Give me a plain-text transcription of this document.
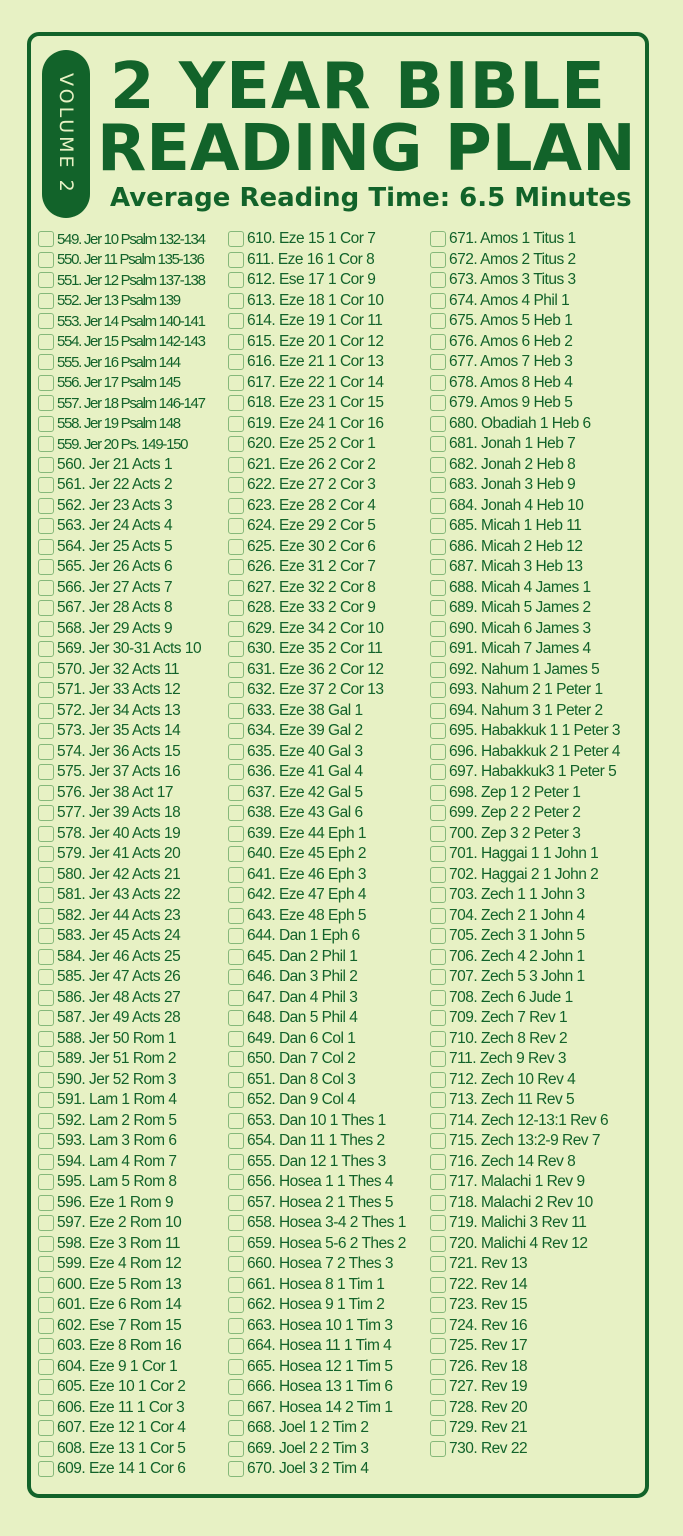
VOLUME 2 2 YEAR BIBLE
READING PLAN
Average Reading Time: 6.5 Minutes
549. Jer 10 Psalm 132-134
550. Jer 11 Psalm 135-136
551. Jer 12 Psalm 137-138
552. Jer 13 Psalm 139
553. Jer 14 Psalm 140-141
554. Jer 15 Psalm 142-143
555. Jer 16 Psalm 144
556. Jer 17 Psalm 145
557. Jer 18 Psalm 146-147
558. Jer 19 Psalm 148
559. Jer 20 Ps. 149-150
560. Jer 21 Acts 1
561. Jer 22 Acts 2
562. Jer 23 Acts 3
563. Jer 24 Acts 4
564. Jer 25 Acts 5
565. Jer 26 Acts 6
566. Jer 27 Acts 7
567. Jer 28 Acts 8
568. Jer 29 Acts 9
569. Jer 30-31 Acts 10
570. Jer 32 Acts 11
571. Jer 33 Acts 12
572. Jer 34 Acts 13
573. Jer 35 Acts 14
574. Jer 36 Acts 15
575. Jer 37 Acts 16
576. Jer 38 Act 17
577. Jer 39 Acts 18
578. Jer 40 Acts 19
579. Jer 41 Acts 20
580. Jer 42 Acts 21
581. Jer 43 Acts 22
582. Jer 44 Acts 23
583. Jer 45 Acts 24
584. Jer 46 Acts 25
585. Jer 47 Acts 26
586. Jer 48 Acts 27
587. Jer 49 Acts 28
588. Jer 50 Rom 1
589. Jer 51 Rom 2
590. Jer 52 Rom 3
591. Lam 1 Rom 4
592. Lam 2 Rom 5
593. Lam 3 Rom 6
594. Lam 4 Rom 7
595. Lam 5 Rom 8
596. Eze 1 Rom 9
597. Eze 2 Rom 10
598. Eze 3 Rom 11
599. Eze 4 Rom 12
600. Eze 5 Rom 13
601. Eze 6 Rom 14
602. Ese 7 Rom 15
603. Eze 8 Rom 16
604. Eze 9 1 Cor 1
605. Eze 10 1 Cor 2
606. Eze 11 1 Cor 3
607. Eze 12 1 Cor 4
608. Eze 13 1 Cor 5
609. Eze 14 1 Cor 6
610. Eze 15 1 Cor 7
611. Eze 16 1 Cor 8
612. Ese 17 1 Cor 9
613. Eze 18 1 Cor 10
614. Eze 19 1 Cor 11
615. Eze 20 1 Cor 12
616. Eze 21 1 Cor 13
617. Eze 22 1 Cor 14
618. Eze 23 1 Cor 15
619. Eze 24 1 Cor 16
620. Eze 25 2 Cor 1
621. Eze 26 2 Cor 2
622. Eze 27 2 Cor 3
623. Eze 28 2 Cor 4
624. Eze 29 2 Cor 5
625. Eze 30 2 Cor 6
626. Eze 31 2 Cor 7
627. Eze 32 2 Cor 8
628. Eze 33 2 Cor 9
629. Eze 34 2 Cor 10
630. Eze 35 2 Cor 11
631. Eze 36 2 Cor 12
632. Eze 37 2 Cor 13
633. Eze 38 Gal 1
634. Eze 39 Gal 2
635. Eze 40 Gal 3
636. Eze 41 Gal 4
637. Eze 42 Gal 5
638. Eze 43 Gal 6
639. Eze 44 Eph 1
640. Eze 45 Eph 2
641. Eze 46 Eph 3
642. Eze 47 Eph 4
643. Eze 48 Eph 5
644. Dan 1 Eph 6
645. Dan 2 Phil 1
646. Dan 3 Phil 2
647. Dan 4 Phil 3
648. Dan 5 Phil 4
649. Dan 6 Col 1
650. Dan 7 Col 2
651. Dan 8 Col 3
652. Dan 9 Col 4
653. Dan 10 1 Thes 1
654. Dan 11 1 Thes 2
655. Dan 12 1 Thes 3
656. Hosea 1 1 Thes 4
657. Hosea 2 1 Thes 5
658. Hosea 3-4 2 Thes 1
659. Hosea 5-6 2 Thes 2
660. Hosea 7 2 Thes 3
661. Hosea 8 1 Tim 1
662. Hosea 9 1 Tim 2
663. Hosea 10 1 Tim 3
664. Hosea 11 1 Tim 4
665. Hosea 12 1 Tim 5
666. Hosea 13 1 Tim 6
667. Hosea 14 2 Tim 1
668. Joel 1 2 Tim 2
669. Joel 2 2 Tim 3
670. Joel 3 2 Tim 4
671. Amos 1 Titus 1
672. Amos 2 Titus 2
673. Amos 3 Titus 3
674. Amos 4 Phil 1
675. Amos 5 Heb 1
676. Amos 6 Heb 2
677. Amos 7 Heb 3
678. Amos 8 Heb 4
679. Amos 9 Heb 5
680. Obadiah 1 Heb 6
681. Jonah 1 Heb 7
682. Jonah 2 Heb 8
683. Jonah 3 Heb 9
684. Jonah 4 Heb 10
685. Micah 1 Heb 11
686. Micah 2 Heb 12
687. Micah 3 Heb 13
688. Micah 4 James 1
689. Micah 5 James 2
690. Micah 6 James 3
691. Micah 7 James 4
692. Nahum 1 James 5
693. Nahum 2 1 Peter 1
694. Nahum 3 1 Peter 2
695. Habakkuk 1 1 Peter 3
696. Habakkuk 2 1 Peter 4
697. Habakkuk3 1 Peter 5
698. Zep 1 2 Peter 1
699. Zep 2 2 Peter 2
700. Zep 3 2 Peter 3
701. Haggai 1 1 John 1
702. Haggai 2 1 John 2
703. Zech 1 1 John 3
704. Zech 2 1 John 4
705. Zech 3 1 John 5
706. Zech 4 2 John 1
707. Zech 5 3 John 1
708. Zech 6 Jude 1
709. Zech 7 Rev 1
710. Zech 8 Rev 2
711. Zech 9 Rev 3
712. Zech 10 Rev 4
713. Zech 11 Rev 5
714. Zech 12-13:1 Rev 6
715. Zech 13:2-9 Rev 7
716. Zech 14 Rev 8
717. Malachi 1 Rev 9
718. Malachi 2 Rev 10
719. Malichi 3 Rev 11
720. Malichi 4 Rev 12
721. Rev 13
722. Rev 14
723. Rev 15
724. Rev 16
725. Rev 17
726. Rev 18
727. Rev 19
728. Rev 20
729. Rev 21
730. Rev 22
